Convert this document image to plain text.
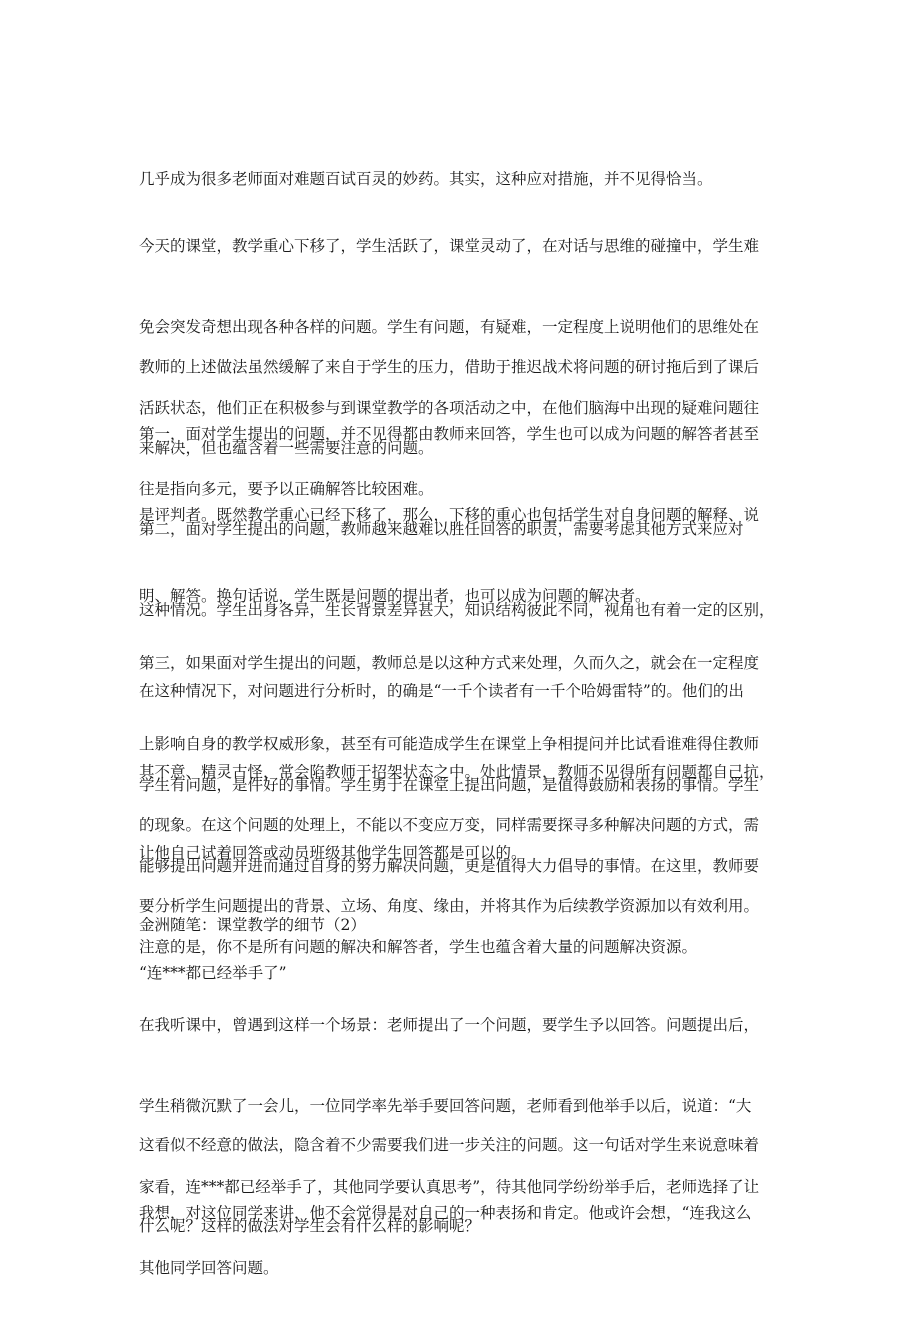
几乎成为很多老师面对难题百试百灵的妙药。其实，这种应对措施，并不见得恰当。

今天的课堂，教学重心下移了，学生活跃了，课堂灵动了，在对话与思维的碰撞中，学生难

免会突发奇想出现各种各样的问题。学生有问题，有疑难，一定程度上说明他们的思维处在

活跃状态，他们正在积极参与到课堂教学的各项活动之中，在他们脑海中出现的疑难问题往

往是指向多元，要予以正确解答比较困难。

教师的上述做法虽然缓解了来自于学生的压力，借助于推迟战术将问题的研讨拖后到了课后

来解决，但也蕴含着一些需要注意的问题。

第一，面对学生提出的问题，并不见得都由教师来回答，学生也可以成为问题的解答者甚至

是评判者。既然教学重心已经下移了，那么，下移的重心也包括学生对自身问题的解释、说

明、解答。换句话说，学生既是问题的提出者，也可以成为问题的解决者。

第二，面对学生提出的问题，教师越来越难以胜任回答的职责，需要考虑其他方式来应对

这种情况。学生出身各异，生长背景差异甚大，知识结构彼此不同，视角也有着一定的区别，

在这种情况下，对问题进行分析时，的确是“一千个读者有一千个哈姆雷特”的。他们的出

其不意、精灵古怪，常会陷教师于招架状态之中。处此情景，教师不见得所有问题都自己抗，

让他自己试着回答或动员班级其他学生回答都是可以的。

第三，如果面对学生提出的问题，教师总是以这种方式来处理，久而久之，就会在一定程度

上影响自身的教学权威形象，甚至有可能造成学生在课堂上争相提问并比试看谁难得住教师

的现象。在这个问题的处理上，不能以不变应万变，同样需要探寻多种解决问题的方式，需

要分析学生问题提出的背景、立场、角度、缘由，并将其作为后续教学资源加以有效利用。

学生有问题，是件好的事情。学生勇于在课堂上提出问题，是值得鼓励和表扬的事情。学生

能够提出问题并进而通过自身的努力解决问题，更是值得大力倡导的事情。在这里，教师要

注意的是，你不是所有问题的解决和解答者，学生也蕴含着大量的问题解决资源。

金洲随笔：课堂教学的细节（2）

“连***都已经举手了”

在我听课中，曾遇到这样一个场景：老师提出了一个问题，要学生予以回答。问题提出后，

学生稍微沉默了一会儿，一位同学率先举手要回答问题，老师看到他举手以后，说道：“大

家看，连***都已经举手了，其他同学要认真思考”，待其他同学纷纷举手后，老师选择了让

其他同学回答问题。

这看似不经意的做法，隐含着不少需要我们进一步关注的问题。这一句话对学生来说意味着

什么呢？这样的做法对学生会有什么样的影响呢？

我想，对这位同学来讲，他不会觉得是对自己的一种表扬和肯定。他或许会想，“连我这么
